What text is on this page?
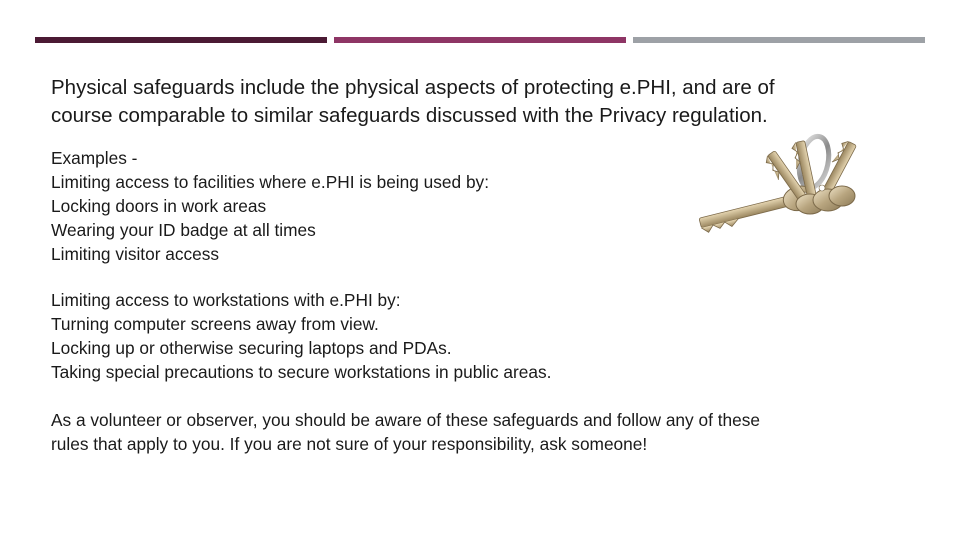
Physical safeguards include the physical aspects of protecting e.PHI, and are of
course comparable to similar safeguards discussed with the Privacy regulation.
Examples -
Limiting access to facilities where e.PHI is being used by:
Locking doors in work areas
Wearing your ID badge at all times
Limiting visitor access
Limiting access to workstations with e.PHI by:
Turning computer screens away from view.
Locking up or otherwise securing laptops and PDAs.
Taking special precautions to secure workstations in public areas.
As a volunteer or observer, you should be aware of these safeguards and follow any of these
rules that apply to you. If you are not sure of your responsibility, ask someone!
